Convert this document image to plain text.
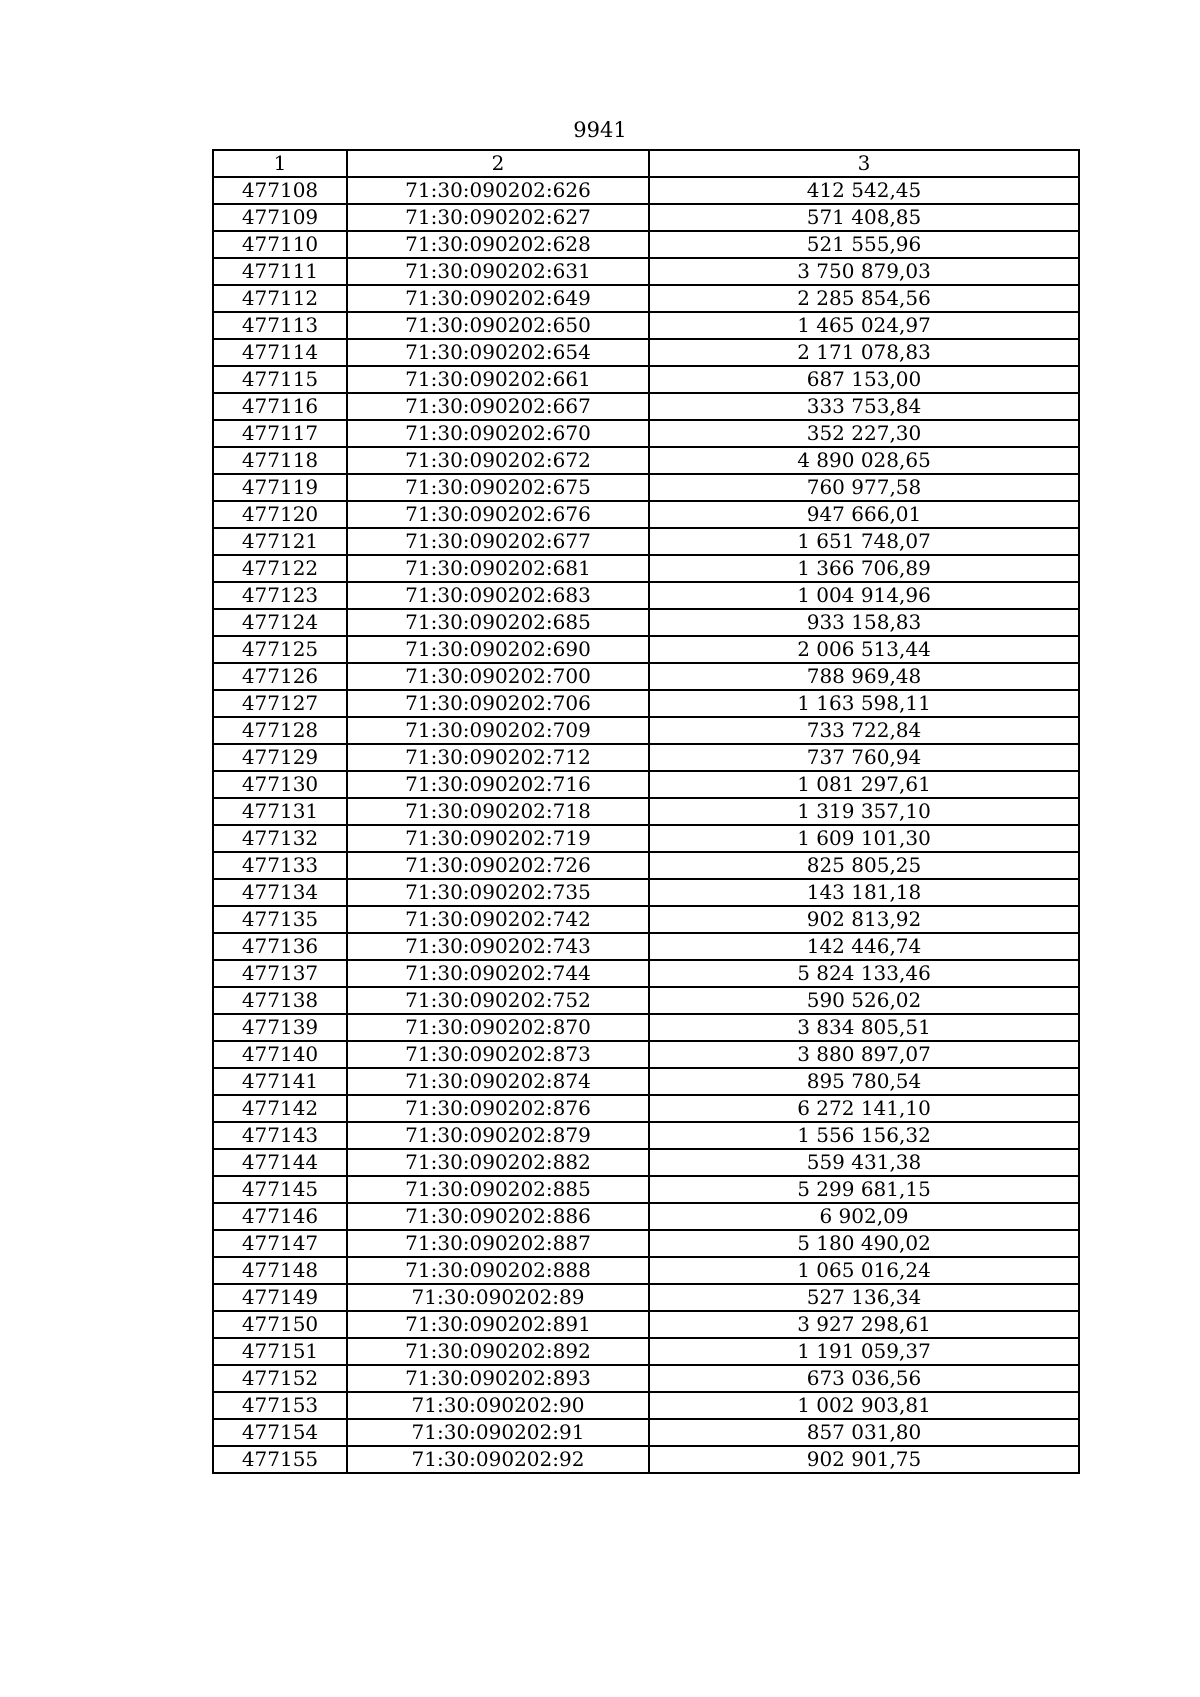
9941
1	2	3
477108	71:30:090202:626	412 542,45
477109	71:30:090202:627	571 408,85
477110	71:30:090202:628	521 555,96
477111	71:30:090202:631	3 750 879,03
477112	71:30:090202:649	2 285 854,56
477113	71:30:090202:650	1 465 024,97
477114	71:30:090202:654	2 171 078,83
477115	71:30:090202:661	687 153,00
477116	71:30:090202:667	333 753,84
477117	71:30:090202:670	352 227,30
477118	71:30:090202:672	4 890 028,65
477119	71:30:090202:675	760 977,58
477120	71:30:090202:676	947 666,01
477121	71:30:090202:677	1 651 748,07
477122	71:30:090202:681	1 366 706,89
477123	71:30:090202:683	1 004 914,96
477124	71:30:090202:685	933 158,83
477125	71:30:090202:690	2 006 513,44
477126	71:30:090202:700	788 969,48
477127	71:30:090202:706	1 163 598,11
477128	71:30:090202:709	733 722,84
477129	71:30:090202:712	737 760,94
477130	71:30:090202:716	1 081 297,61
477131	71:30:090202:718	1 319 357,10
477132	71:30:090202:719	1 609 101,30
477133	71:30:090202:726	825 805,25
477134	71:30:090202:735	143 181,18
477135	71:30:090202:742	902 813,92
477136	71:30:090202:743	142 446,74
477137	71:30:090202:744	5 824 133,46
477138	71:30:090202:752	590 526,02
477139	71:30:090202:870	3 834 805,51
477140	71:30:090202:873	3 880 897,07
477141	71:30:090202:874	895 780,54
477142	71:30:090202:876	6 272 141,10
477143	71:30:090202:879	1 556 156,32
477144	71:30:090202:882	559 431,38
477145	71:30:090202:885	5 299 681,15
477146	71:30:090202:886	6 902,09
477147	71:30:090202:887	5 180 490,02
477148	71:30:090202:888	1 065 016,24
477149	71:30:090202:89	527 136,34
477150	71:30:090202:891	3 927 298,61
477151	71:30:090202:892	1 191 059,37
477152	71:30:090202:893	673 036,56
477153	71:30:090202:90	1 002 903,81
477154	71:30:090202:91	857 031,80
477155	71:30:090202:92	902 901,75
